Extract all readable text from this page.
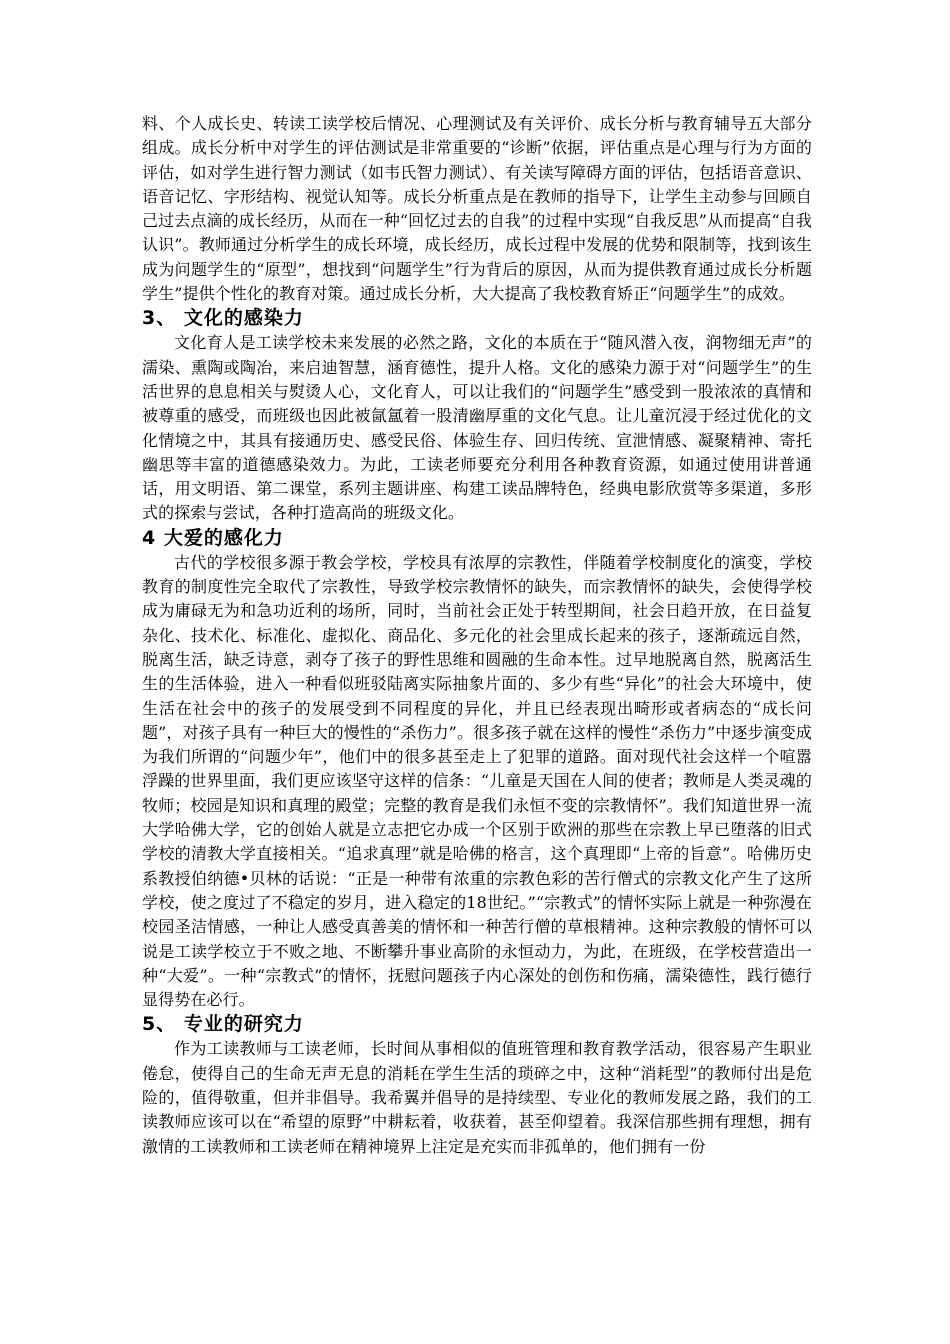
料、个人成长史、转读工读学校后情况、心理测试及有关评价、成长分析与教育辅导五大部分组成。成长分析中对学生的评估测试是非常重要的“诊断”依据，评估重点是心理与行为方面的评估，如对学生进行智力测试（如韦氏智力测试）、有关读写障碍方面的评估，包括语音意识、语音记忆、字形结构、视觉认知等。成长分析重点是在教师的指导下，让学生主动参与回顾自己过去点滴的成长经历，从而在一种“回忆过去的自我”的过程中实现“自我反思”从而提高“自我认识”。教师通过分析学生的成长环境，成长经历，成长过程中发展的优势和限制等，找到该生成为问题学生的“原型”，想找到“问题学生”行为背后的原因，从而为提供教育通过成长分析题学生”提供个性化的教育对策。通过成长分析，大大提高了我校教育矫正“问题学生”的成效。

3、 文化的感染力

文化育人是工读学校未来发展的必然之路，文化的本质在于“随风潜入夜，润物细无声”的濡染、熏陶或陶冶，来启迪智慧，涵育德性，提升人格。文化的感染力源于对“问题学生”的生活世界的息息相关与熨烫人心，文化育人，可以让我们的“问题学生”感受到一股浓浓的真情和被尊重的感受，而班级也因此被氤氲着一股清幽厚重的文化气息。让儿童沉浸于经过优化的文化情境之中，其具有接通历史、感受民俗、体验生存、回归传统、宣泄情感、凝聚精神、寄托幽思等丰富的道德感染效力。为此，工读老师要充分利用各种教育资源，如通过使用讲普通话，用文明语、第二课堂，系列主题讲座、构建工读品牌特色，经典电影欣赏等多渠道，多形式的探索与尝试，各种打造高尚的班级文化。

4 大爱的感化力

古代的学校很多源于教会学校，学校具有浓厚的宗教性，伴随着学校制度化的演变，学校教育的制度性完全取代了宗教性，导致学校宗教情怀的缺失，而宗教情怀的缺失，会使得学校成为庸碌无为和急功近利的场所，同时，当前社会正处于转型期间，社会日趋开放，在日益复杂化、技术化、标准化、虚拟化、商品化、多元化的社会里成长起来的孩子，逐渐疏远自然，脱离生活，缺乏诗意，剥夺了孩子的野性思维和圆融的生命本性。过早地脱离自然，脱离活生生的生活体验，进入一种看似班驳陆离实际抽象片面的、多少有些“异化”的社会大环境中，使生活在社会中的孩子的发展受到不同程度的异化，并且已经表现出畸形或者病态的“成长问题”，对孩子具有一种巨大的慢性的“杀伤力”。很多孩子就在这样的慢性“杀伤力”中逐步演变成为我们所谓的“问题少年”，他们中的很多甚至走上了犯罪的道路。面对现代社会这样一个喧嚣浮躁的世界里面，我们更应该坚守这样的信条：“儿童是天国在人间的使者；教师是人类灵魂的牧师；校园是知识和真理的殿堂；完整的教育是我们永恒不变的宗教情怀”。我们知道世界一流大学哈佛大学，它的创始人就是立志把它办成一个区别于欧洲的那些在宗教上早已堕落的旧式学校的清教大学直接相关。“追求真理”就是哈佛的格言，这个真理即“上帝的旨意”。哈佛历史系教授伯纳德•贝林的话说：“正是一种带有浓重的宗教色彩的苦行僧式的宗教文化产生了这所学校，使之度过了不稳定的岁月，进入稳定的18世纪。”“宗教式”的情怀实际上就是一种弥漫在校园圣洁情感，一种让人感受真善美的情怀和一种苦行僧的草根精神。这种宗教般的情怀可以说是工读学校立于不败之地、不断攀升事业高阶的永恒动力，为此，在班级，在学校营造出一种“大爱”。一种“宗教式”的情怀，抚慰问题孩子内心深处的创伤和伤痛，濡染德性，践行德行显得势在必行。

5、 专业的研究力

作为工读教师与工读老师，长时间从事相似的值班管理和教育教学活动，很容易产生职业倦怠，使得自己的生命无声无息的消耗在学生生活的琐碎之中，这种“消耗型”的教师付出是危险的，值得敬重，但并非倡导。我希翼并倡导的是持续型、专业化的教师发展之路，我们的工读教师应该可以在“希望的原野”中耕耘着，收获着，甚至仰望着。我深信那些拥有理想，拥有激情的工读教师和工读老师在精神境界上注定是充实而非孤单的，他们拥有一份
